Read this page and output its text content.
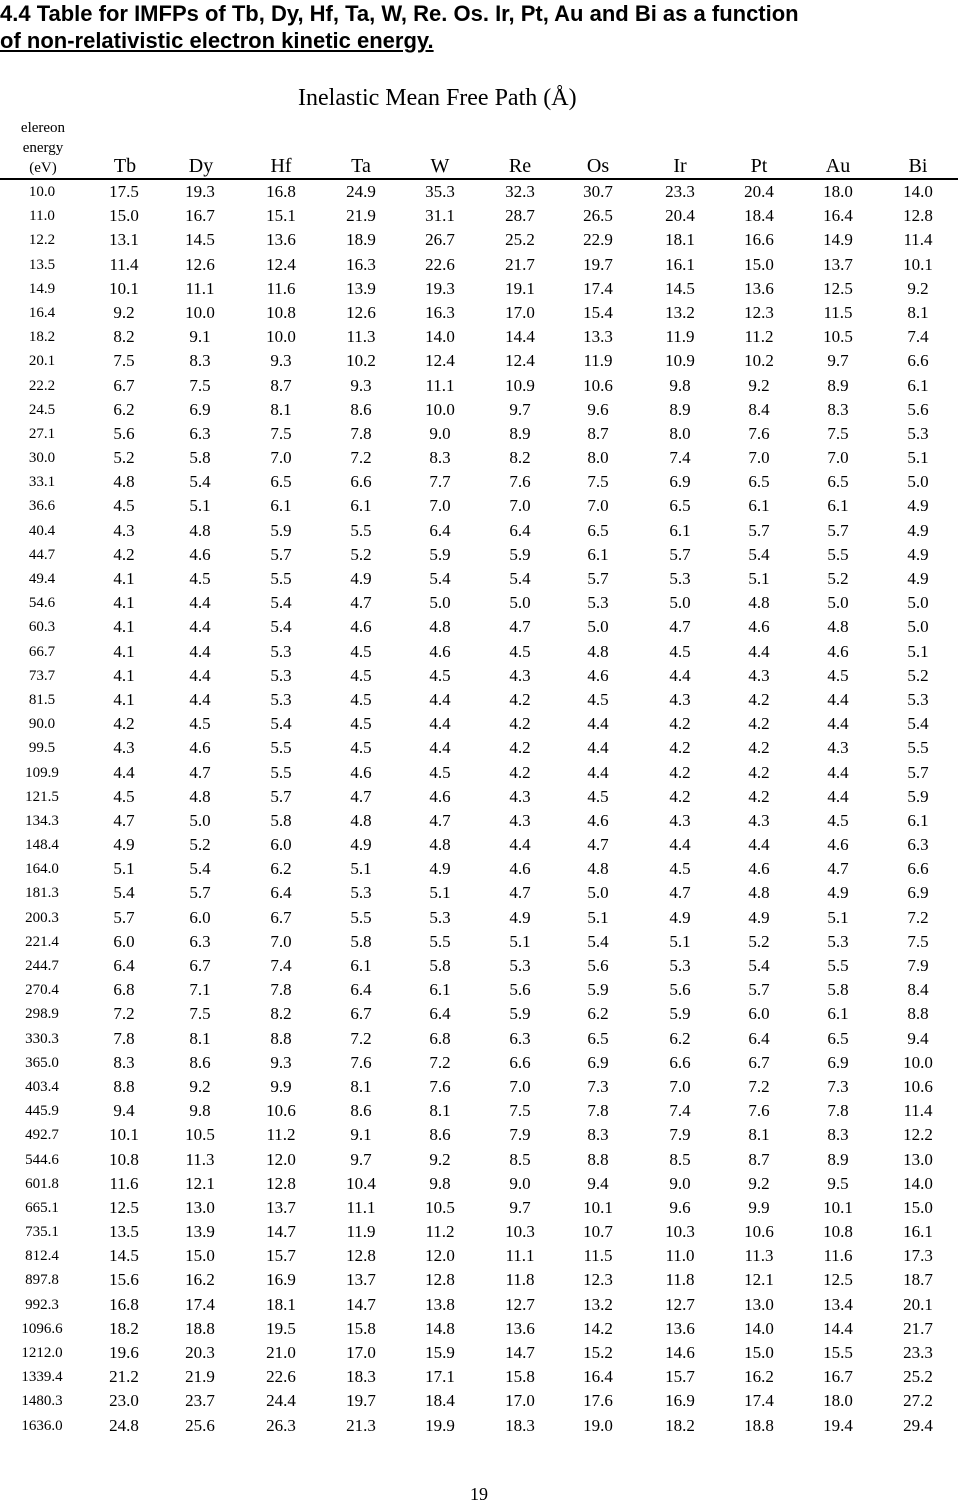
4.4 Table for IMFPs of Tb, Dy, Hf, Ta, W, Re. Os. Ir, Pt, Au and Bi as a function
of non-relativistic electron kinetic energy.
Inelastic Mean Free Path (Å)
elereon
energy
(eV)	Tb	Dy	Hf	Ta	W	Re	Os	Ir	Pt	Au	Bi
10.0	17.5	19.3	16.8	24.9	35.3	32.3	30.7	23.3	20.4	18.0	14.0
11.0	15.0	16.7	15.1	21.9	31.1	28.7	26.5	20.4	18.4	16.4	12.8
12.2	13.1	14.5	13.6	18.9	26.7	25.2	22.9	18.1	16.6	14.9	11.4
13.5	11.4	12.6	12.4	16.3	22.6	21.7	19.7	16.1	15.0	13.7	10.1
14.9	10.1	11.1	11.6	13.9	19.3	19.1	17.4	14.5	13.6	12.5	9.2
16.4	9.2	10.0	10.8	12.6	16.3	17.0	15.4	13.2	12.3	11.5	8.1
18.2	8.2	9.1	10.0	11.3	14.0	14.4	13.3	11.9	11.2	10.5	7.4
20.1	7.5	8.3	9.3	10.2	12.4	12.4	11.9	10.9	10.2	9.7	6.6
22.2	6.7	7.5	8.7	9.3	11.1	10.9	10.6	9.8	9.2	8.9	6.1
24.5	6.2	6.9	8.1	8.6	10.0	9.7	9.6	8.9	8.4	8.3	5.6
27.1	5.6	6.3	7.5	7.8	9.0	8.9	8.7	8.0	7.6	7.5	5.3
30.0	5.2	5.8	7.0	7.2	8.3	8.2	8.0	7.4	7.0	7.0	5.1
33.1	4.8	5.4	6.5	6.6	7.7	7.6	7.5	6.9	6.5	6.5	5.0
36.6	4.5	5.1	6.1	6.1	7.0	7.0	7.0	6.5	6.1	6.1	4.9
40.4	4.3	4.8	5.9	5.5	6.4	6.4	6.5	6.1	5.7	5.7	4.9
44.7	4.2	4.6	5.7	5.2	5.9	5.9	6.1	5.7	5.4	5.5	4.9
49.4	4.1	4.5	5.5	4.9	5.4	5.4	5.7	5.3	5.1	5.2	4.9
54.6	4.1	4.4	5.4	4.7	5.0	5.0	5.3	5.0	4.8	5.0	5.0
60.3	4.1	4.4	5.4	4.6	4.8	4.7	5.0	4.7	4.6	4.8	5.0
66.7	4.1	4.4	5.3	4.5	4.6	4.5	4.8	4.5	4.4	4.6	5.1
73.7	4.1	4.4	5.3	4.5	4.5	4.3	4.6	4.4	4.3	4.5	5.2
81.5	4.1	4.4	5.3	4.5	4.4	4.2	4.5	4.3	4.2	4.4	5.3
90.0	4.2	4.5	5.4	4.5	4.4	4.2	4.4	4.2	4.2	4.4	5.4
99.5	4.3	4.6	5.5	4.5	4.4	4.2	4.4	4.2	4.2	4.3	5.5
109.9	4.4	4.7	5.5	4.6	4.5	4.2	4.4	4.2	4.2	4.4	5.7
121.5	4.5	4.8	5.7	4.7	4.6	4.3	4.5	4.2	4.2	4.4	5.9
134.3	4.7	5.0	5.8	4.8	4.7	4.3	4.6	4.3	4.3	4.5	6.1
148.4	4.9	5.2	6.0	4.9	4.8	4.4	4.7	4.4	4.4	4.6	6.3
164.0	5.1	5.4	6.2	5.1	4.9	4.6	4.8	4.5	4.6	4.7	6.6
181.3	5.4	5.7	6.4	5.3	5.1	4.7	5.0	4.7	4.8	4.9	6.9
200.3	5.7	6.0	6.7	5.5	5.3	4.9	5.1	4.9	4.9	5.1	7.2
221.4	6.0	6.3	7.0	5.8	5.5	5.1	5.4	5.1	5.2	5.3	7.5
244.7	6.4	6.7	7.4	6.1	5.8	5.3	5.6	5.3	5.4	5.5	7.9
270.4	6.8	7.1	7.8	6.4	6.1	5.6	5.9	5.6	5.7	5.8	8.4
298.9	7.2	7.5	8.2	6.7	6.4	5.9	6.2	5.9	6.0	6.1	8.8
330.3	7.8	8.1	8.8	7.2	6.8	6.3	6.5	6.2	6.4	6.5	9.4
365.0	8.3	8.6	9.3	7.6	7.2	6.6	6.9	6.6	6.7	6.9	10.0
403.4	8.8	9.2	9.9	8.1	7.6	7.0	7.3	7.0	7.2	7.3	10.6
445.9	9.4	9.8	10.6	8.6	8.1	7.5	7.8	7.4	7.6	7.8	11.4
492.7	10.1	10.5	11.2	9.1	8.6	7.9	8.3	7.9	8.1	8.3	12.2
544.6	10.8	11.3	12.0	9.7	9.2	8.5	8.8	8.5	8.7	8.9	13.0
601.8	11.6	12.1	12.8	10.4	9.8	9.0	9.4	9.0	9.2	9.5	14.0
665.1	12.5	13.0	13.7	11.1	10.5	9.7	10.1	9.6	9.9	10.1	15.0
735.1	13.5	13.9	14.7	11.9	11.2	10.3	10.7	10.3	10.6	10.8	16.1
812.4	14.5	15.0	15.7	12.8	12.0	11.1	11.5	11.0	11.3	11.6	17.3
897.8	15.6	16.2	16.9	13.7	12.8	11.8	12.3	11.8	12.1	12.5	18.7
992.3	16.8	17.4	18.1	14.7	13.8	12.7	13.2	12.7	13.0	13.4	20.1
1096.6	18.2	18.8	19.5	15.8	14.8	13.6	14.2	13.6	14.0	14.4	21.7
1212.0	19.6	20.3	21.0	17.0	15.9	14.7	15.2	14.6	15.0	15.5	23.3
1339.4	21.2	21.9	22.6	18.3	17.1	15.8	16.4	15.7	16.2	16.7	25.2
1480.3	23.0	23.7	24.4	19.7	18.4	17.0	17.6	16.9	17.4	18.0	27.2
1636.0	24.8	25.6	26.3	21.3	19.9	18.3	19.0	18.2	18.8	19.4	29.4
19
